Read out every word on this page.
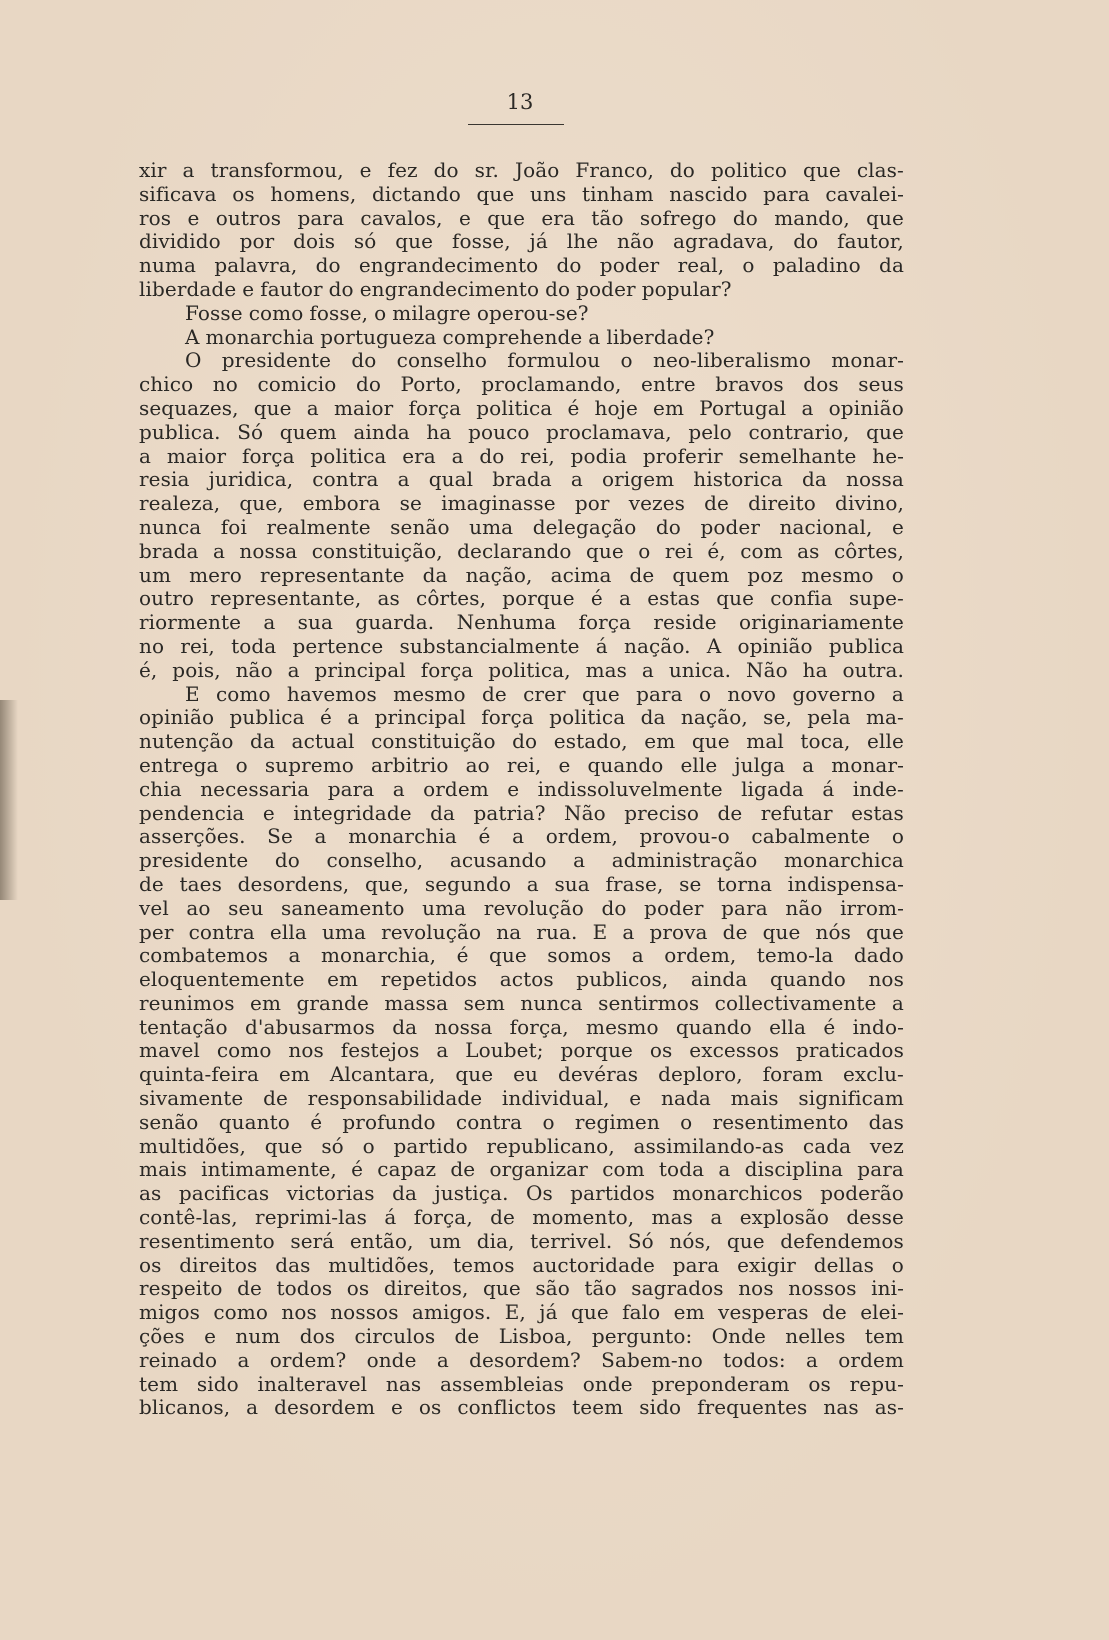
13
xir a transformou, e fez do sr. João Franco, do politico que clas-
sificava os homens, dictando que uns tinham nascido para cavalei-
ros e outros para cavalos, e que era tão sofrego do mando, que
dividido por dois só que fosse, já lhe não agradava, do fautor,
numa palavra, do engrandecimento do poder real, o paladino da
liberdade e fautor do engrandecimento do poder popular?
Fosse como fosse, o milagre operou-se?
A monarchia portugueza comprehende a liberdade?
O presidente do conselho formulou o neo-liberalismo monar-
chico no comicio do Porto, proclamando, entre bravos dos seus
sequazes, que a maior força politica é hoje em Portugal a opinião
publica. Só quem ainda ha pouco proclamava, pelo contrario, que
a maior força politica era a do rei, podia proferir semelhante he-
resia juridica, contra a qual brada a origem historica da nossa
realeza, que, embora se imaginasse por vezes de direito divino,
nunca foi realmente senão uma delegação do poder nacional, e
brada a nossa constituição, declarando que o rei é, com as côrtes,
um mero representante da nação, acima de quem poz mesmo o
outro representante, as côrtes, porque é a estas que confia supe-
riormente a sua guarda. Nenhuma força reside originariamente
no rei, toda pertence substancialmente á nação. A opinião publica
é, pois, não a principal força politica, mas a unica. Não ha outra.
E como havemos mesmo de crer que para o novo governo a
opinião publica é a principal força politica da nação, se, pela ma-
nutenção da actual constituição do estado, em que mal toca, elle
entrega o supremo arbitrio ao rei, e quando elle julga a monar-
chia necessaria para a ordem e indissoluvelmente ligada á inde-
pendencia e integridade da patria? Não preciso de refutar estas
asserções. Se a monarchia é a ordem, provou-o cabalmente o
presidente do conselho, acusando a administração monarchica
de taes desordens, que, segundo a sua frase, se torna indispensa-
vel ao seu saneamento uma revolução do poder para não irrom-
per contra ella uma revolução na rua. E a prova de que nós que
combatemos a monarchia, é que somos a ordem, temo-la dado
eloquentemente em repetidos actos publicos, ainda quando nos
reunimos em grande massa sem nunca sentirmos collectivamente a
tentação d'abusarmos da nossa força, mesmo quando ella é indo-
mavel como nos festejos a Loubet; porque os excessos praticados
quinta-feira em Alcantara, que eu devéras deploro, foram exclu-
sivamente de responsabilidade individual, e nada mais significam
senão quanto é profundo contra o regimen o resentimento das
multidões, que só o partido republicano, assimilando-as cada vez
mais intimamente, é capaz de organizar com toda a disciplina para
as pacificas victorias da justiça. Os partidos monarchicos poderão
contê-las, reprimi-las á força, de momento, mas a explosão desse
resentimento será então, um dia, terrivel. Só nós, que defendemos
os direitos das multidões, temos auctoridade para exigir dellas o
respeito de todos os direitos, que são tão sagrados nos nossos ini-
migos como nos nossos amigos. E, já que falo em vesperas de elei-
ções e num dos circulos de Lisboa, pergunto: Onde nelles tem
reinado a ordem? onde a desordem? Sabem-no todos: a ordem
tem sido inalteravel nas assembleias onde preponderam os repu-
blicanos, a desordem e os conflictos teem sido frequentes nas as-
